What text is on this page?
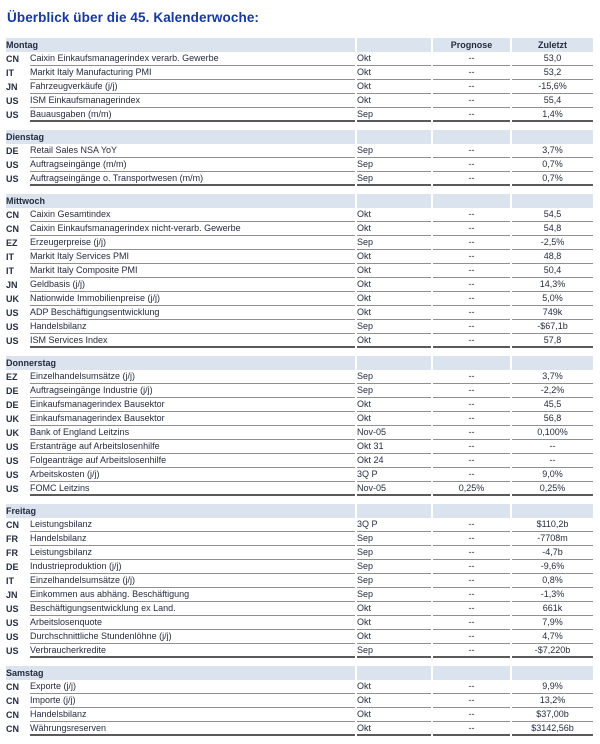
Überblick über die 45. Kalenderwoche:
Montag			Prognose	Zuletzt
CN	Caixin Einkaufsmanagerindex verarb. Gewerbe	Okt	--	53,0
IT	Markit Italy Manufacturing PMI	Okt	--	53,2
JN	Fahrzeugverkäufe (j/j)	Okt	--	-15,6%
US	ISM Einkaufsmanagerindex	Okt	--	55,4
US	Bauausgaben (m/m)	Sep	--	1,4%

Dienstag				
DE	Retail Sales NSA YoY	Sep	--	3,7%
US	Auftragseingänge (m/m)	Sep	--	0,7%
US	Auftragseingänge o. Transportwesen (m/m)	Sep	--	0,7%

Mittwoch				
CN	Caixin Gesamtindex	Okt	--	54,5
CN	Caixin Einkaufsmanagerindex nicht-verarb. Gewerbe	Okt	--	54,8
EZ	Erzeugerpreise (j/j)	Sep	--	-2,5%
IT	Markit Italy Services PMI	Okt	--	48,8
IT	Markit Italy Composite PMI	Okt	--	50,4
JN	Geldbasis (j/j)	Okt	--	14,3%
UK	Nationwide Immobilienpreise (j/j)	Okt	--	5,0%
US	ADP Beschäftigungsentwicklung	Okt	--	749k
US	Handelsbilanz	Sep	--	-$67,1b
US	ISM Services Index	Okt	--	57,8

Donnerstag				
EZ	Einzelhandelsumsätze (j/j)	Sep	--	3,7%
DE	Auftragseingänge Industrie (j/j)	Sep	--	-2,2%
DE	Einkaufsmanagerindex Bausektor	Okt	--	45,5
UK	Einkaufsmanagerindex Bausektor	Okt	--	56,8
UK	Bank of England Leitzins	Nov-05	--	0,100%
US	Erstanträge auf Arbeitslosenhilfe	Okt 31	--	--
US	Folgeanträge auf Arbeitslosenhilfe	Okt 24	--	--
US	Arbeitskosten (j/j)	3Q P	--	9,0%
US	FOMC Leitzins	Nov-05	0,25%	0,25%

Freitag				
CN	Leistungsbilanz	3Q P	--	$110,2b
FR	Handelsbilanz	Sep	--	-7708m
FR	Leistungsbilanz	Sep	--	-4,7b
DE	Industrieproduktion (j/j)	Sep	--	-9,6%
IT	Einzelhandelsumsätze (j/j)	Sep	--	0,8%
JN	Einkommen aus abhäng. Beschäftigung	Sep	--	-1,3%
US	Beschäftigungsentwicklung ex Land.	Okt	--	661k
US	Arbeitslosenquote	Okt	--	7,9%
US	Durchschnittliche Stundenlöhne (j/j)	Okt	--	4,7%
US	Verbraucherkredite	Sep	--	-$7,220b

Samstag				
CN	Exporte (j/j)	Okt	--	9,9%
CN	Importe (j/j)	Okt	--	13,2%
CN	Handelsbilanz	Okt	--	$37,00b
CN	Währungsreserven	Okt	--	$3142,56b
